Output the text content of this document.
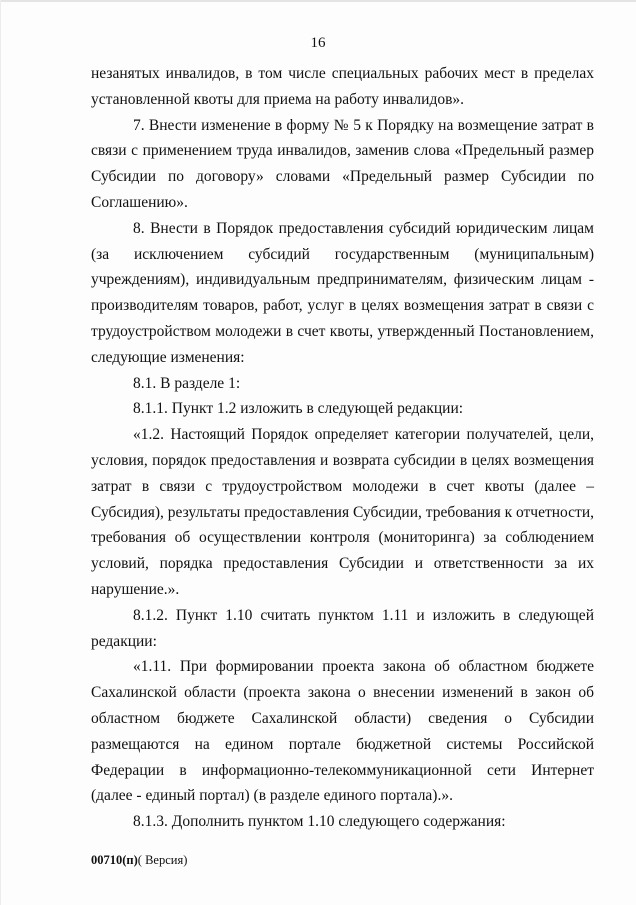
16

незанятых инвалидов, в том числе специальных рабочих мест в пределах установленной квоты для приема на работу инвалидов».

7. Внести изменение в форму № 5 к Порядку на возмещение затрат в связи с применением труда инвалидов, заменив слова «Предельный размер Субсидии по договору» словами «Предельный размер Субсидии по Соглашению».

8. Внести в Порядок предоставления субсидий юридическим лицам (за исключением субсидий государственным (муниципальным) учреждениям), индивидуальным предпринимателям, физическим лицам - производителям товаров, работ, услуг в целях возмещения затрат в связи с трудоустройством молодежи в счет квоты, утвержденный Постановлением, следующие изменения:

8.1. В разделе 1:

8.1.1. Пункт 1.2 изложить в следующей редакции:

«1.2. Настоящий Порядок определяет категории получателей, цели, условия, порядок предоставления и возврата субсидии в целях возмещения затрат в связи с трудоустройством молодежи в счет квоты (далее – Субсидия), результаты предоставления Субсидии, требования к отчетности, требования об осуществлении контроля (мониторинга) за соблюдением условий, порядка предоставления Субсидии и ответственности за их нарушение.».

8.1.2. Пункт 1.10 считать пунктом 1.11 и изложить в следующей редакции:

«1.11. При формировании проекта закона об областном бюджете Сахалинской области (проекта закона о внесении изменений в закон об областном бюджете Сахалинской области) сведения о Субсидии размещаются на едином портале бюджетной системы Российской Федерации в информационно-телекоммуникационной сети Интернет (далее - единый портал) (в разделе единого портала).».

8.1.3. Дополнить пунктом 1.10 следующего содержания:

00710(п)( Версия)
